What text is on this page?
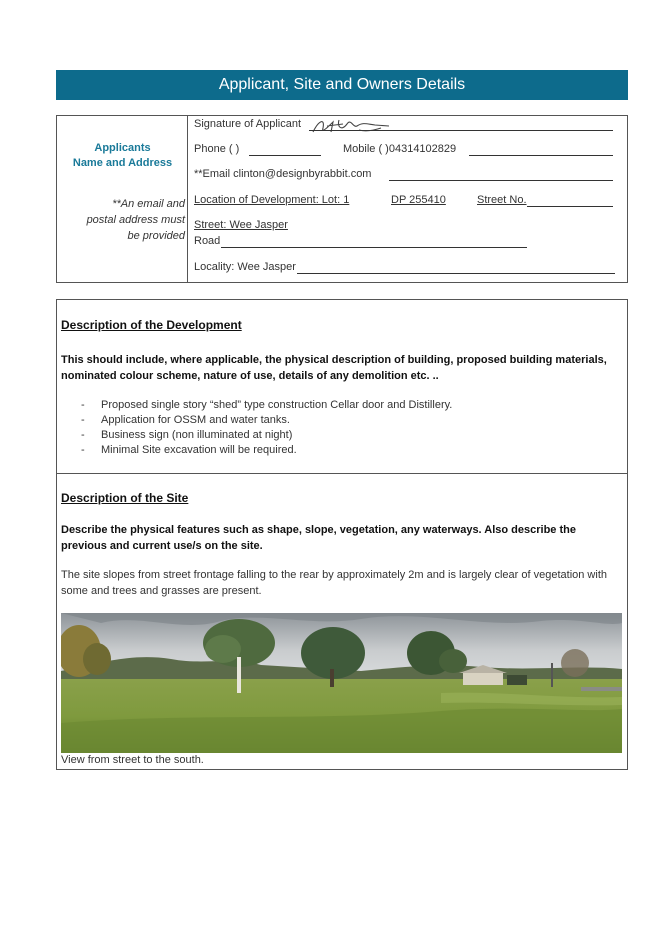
Applicant, Site and Owners Details
Applicants
Name and Address
**An email and
postal address must
be provided
Signature of Applicant
Phone ( )	Mobile ( )04314102829
**Email clinton@designbyrabbit.com
Location of Development: Lot: 1	DP 255410	Street No.
Street: Wee Jasper
Road
Locality: Wee Jasper
Description of the Development
This should include, where applicable, the physical description of building, proposed building materials, nominated colour scheme, nature of use, details of any demolition etc. ..
- Proposed single story “shed” type construction Cellar door and Distillery.
- Application for OSSM and water tanks.
- Business sign (non illuminated at night)
- Minimal Site excavation will be required.
Description of the Site
Describe the physical features such as shape, slope, vegetation, any waterways. Also describe the previous and current use/s on the site.
The site slopes from street frontage falling to the rear by approximately 2m and is largely clear of vegetation with some and trees and grasses are present.
View from street to the south.
